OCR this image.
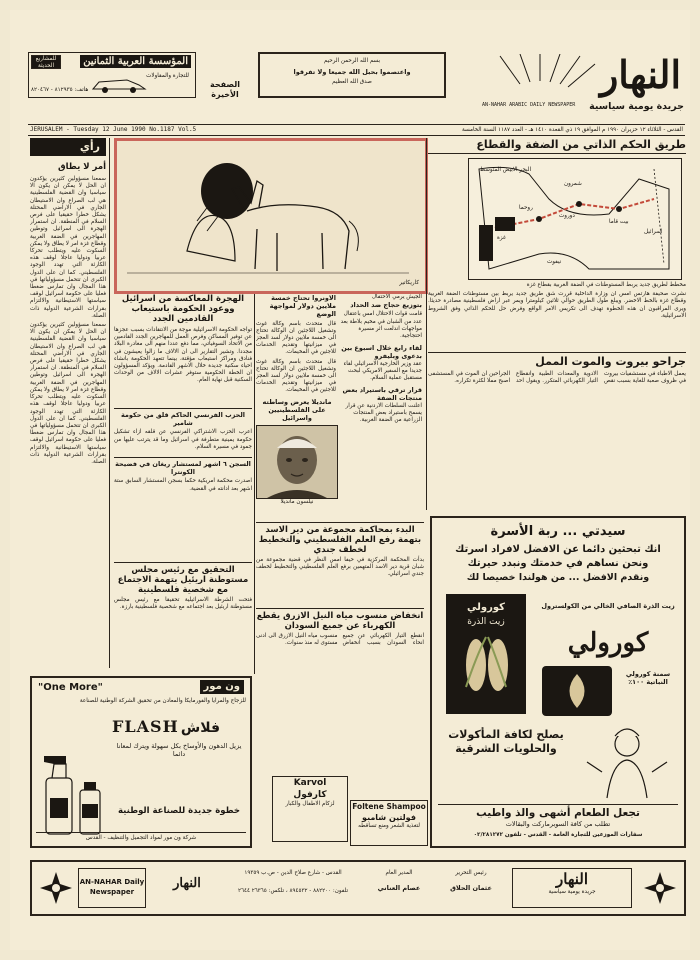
النهار
جريدة يومية سياسية
AN-NAHAR ARABIC DAILY NEWSPAPER
بسم الله الرحمن الرحيم
واعتصموا بحبل الله جميعا ولا تفرقوا
صدق الله العظيم
الصفحة الأخيرة
للمشاريع الحديثة	المؤسسة العربية الثمانين
للتجارة والمقاولات
هاتف: ٨١٢٩٣٥ - ٨٢٠٤٦٧
JERUSALEM - Tuesday 12 June 1990 No.1187 Vol.5	القدس - الثلاثاء ١٢ حزيران ١٩٩٠ م الموافق ١٩ ذي القعدة ١٤١٠ هـ - العدد ١١٨٧ السنة الخامسة
رأي
أمر لا يطاق
سمعنا مسؤولين كثيرين يؤكدون ان الحل لا يمكن ان يكون الا سياسيا وان القضية الفلسطينية هي لب الصراع وان الاستيطان الجاري في الاراضي المحتلة يشكل خطرا حقيقيا على فرص السلام في المنطقة. ان استمرار الهجرة الى اسرائيل وتوطين المهاجرين في الضفة الغربية وقطاع غزة امر لا يطاق ولا يمكن السكوت عليه ويتطلب تحركا عربيا ودوليا عاجلا لوقف هذه الكارثة التي تهدد الوجود الفلسطيني. كما ان على الدول الكبرى ان تتحمل مسؤولياتها في هذا المجال وان تمارس ضغطا فعليا على حكومة اسرائيل لوقف سياستها الاستيطانية والالتزام بقرارات الشرعية الدولية ذات الصلة.
سمعنا مسؤولين كثيرين يؤكدون ان الحل لا يمكن ان يكون الا سياسيا وان القضية الفلسطينية هي لب الصراع وان الاستيطان الجاري في الاراضي المحتلة يشكل خطرا حقيقيا على فرص السلام في المنطقة. ان استمرار الهجرة الى اسرائيل وتوطين المهاجرين في الضفة الغربية وقطاع غزة امر لا يطاق ولا يمكن السكوت عليه ويتطلب تحركا عربيا ودوليا عاجلا لوقف هذه الكارثة التي تهدد الوجود الفلسطيني. كما ان على الدول الكبرى ان تتحمل مسؤولياتها في هذا المجال وان تمارس ضغطا فعليا على حكومة اسرائيل لوقف سياستها الاستيطانية والالتزام بقرارات الشرعية الدولية ذات الصلة.
كاريكاتير
طريق الحكم الذاتي من الضفة والقطاع
شمرون
دوروت
روحما
بيت قاما
نيفوت
غزة
البحر الابيض المتوسط
اسرائيل
مخطط لطريق جديد يربط المستوطنات في الضفة الغربية بقطاع غزة
نشرت صحيفة هآرتس امس ان وزارة الداخلية قررت شق طريق جديد يربط بين مستوطنات الضفة الغربية وقطاع غزة بالخط الاخضر. ويبلغ طول الطريق حوالي ثلاثين كيلومترا ويمر عبر اراض فلسطينية مصادرة حديثا. ويرى المراقبون ان هذه الخطوة تهدف الى تكريس الامر الواقع وفرض حل للحكم الذاتي وفق الشروط الاسرائيلية.
الجيش يرمي الاحتفال
بتوزيع حجاج ضد الحداد
قامت قوات الاحتلال امس باعتقال عدد من الشبان في مخيم بلاطة بعد مواجهات اندلعت اثر مسيرة احتجاجية.
لقاء رابع خلال اسبوع بين بدعوى وبليفرو
عقد وزير الخارجية الاسرائيلي لقاء جديدا مع السفير الامريكي لبحث مستقبل عملية السلام.
قرار ترقي باستيراد بعض منتجات الضفة
اعلنت السلطات الاردنية عن قرار يسمح باستيراد بعض المنتجات الزراعية من الضفة الغربية.
الاونروا تحتاج خمسة ملايين دولار لمواجهة الوضع
قال متحدث باسم وكالة غوث وتشغيل اللاجئين ان الوكالة تحتاج الى خمسة ملايين دولار لسد العجز في ميزانيتها وتقديم الخدمات للاجئين في المخيمات.
قال متحدث باسم وكالة غوث وتشغيل اللاجئين ان الوكالة تحتاج الى خمسة ملايين دولار لسد العجز في ميزانيتها وتقديم الخدمات للاجئين في المخيمات.
الهجرة المعاكسة من اسرائيل ووعود الحكومة باستيعاب القادمين الجدد
تواجه الحكومة الاسرائيلية موجة من الانتقادات بسبب عجزها عن توفير المساكن وفرص العمل للمهاجرين الجدد القادمين من الاتحاد السوفياتي، مما دفع عددا منهم الى مغادرة البلاد مجددا. وتشير التقارير الى ان الالاف ما زالوا يعيشون في فنادق ومراكز استيعاب مؤقتة، بينما تتعهد الحكومة بانشاء احياء سكنية جديدة خلال الاشهر القادمة. ويؤكد المسؤولون ان الخطة الحكومية ستوفر عشرات الالاف من الوحدات السكنية قبل نهاية العام.
مانديلا يعرض وساطته على الفلسطينيين واسرائيل
نيلسون مانديلا
الحزب الفرنسي الحاكم قلق من حكومة شامير
اعرب الحزب الاشتراكي الفرنسي عن قلقه ازاء تشكيل حكومة يمينية متطرفة في اسرائيل وما قد يترتب عليها من جمود في مسيرة السلام.
السجن ٦ اشهر لمستشار ريغان في فضيحة الكونترا
اصدرت محكمة امريكية حكما بسجن المستشار السابق ستة اشهر بعد ادانته في القضية.
البدء بمحاكمة مجموعة من دير الاسد بتهمة رفع العلم الفلسطيني والتخطيط لخطف جندي
بدأت المحكمة المركزية في حيفا امس النظر في قضية مجموعة من شبان قرية دير الاسد المتهمين برفع العلم الفلسطيني والتخطيط لخطف جندي اسرائيلي.
جراحو بيروت والموت الممل
يعمل الاطباء في مستشفيات بيروت في ظروف صعبة للغاية بسبب نقص الادوية والمعدات الطبية وانقطاع التيار الكهربائي المتكرر. ويقول احد الجراحين ان الموت في المستشفى اصبح مملا لكثرة تكراره.
التحقيق مع رئيس مجلس مستوطنة اريئيل بتهمة الاجتماع مع شخصية فلسطينية
فتحت الشرطة الاسرائيلية تحقيقا مع رئيس مجلس مستوطنة اريئيل بعد اجتماعه مع شخصية فلسطينية بارزة.
انخفاض منسوب مياه النيل الازرق يقطع الكهرباء عن جميع السودان
انقطع التيار الكهربائي عن جميع انحاء السودان بسبب انخفاض منسوب مياه النيل الازرق الى ادنى مستوى له منذ سنوات.
"One More"	ون مور
للزجاج والمرايا والفورمايكا والمعادن من تحقيق الشركة الوطنية للصناعة
FLASH فلاش
يزيل الدهون والأوساخ بكل سهولة ويترك لمعانا دائما
خطوة جديدة للصناعة الوطنية
شركة ون مور لمواد التجميل والتنظيف - القدس
Karvol
كارفول
لزكام الاطفال والكبار	Foltene Shampoo
فولتين شامبو
لتغذية الشعر ومنع تساقطه
سيدتي ... ربة الأسرة
انك تبحثين دائما عن الافضل لافراد اسرتك
ونحن نساهم في خدمتك ونبدد حيرتك
ونقدم الافضل ... من هولندا خصيصا لك
كورولي
زيت الذرة
زيت الذرة الصافي الخالي من الكولسترول
كورولي
سمنة كورولي النباتية ١٠٠٪
يصلح لكافة المأكولات والحلويات الشرقية
تجعل الطعام أشهى والذ واطيب
تطلب من كافة السوبرماركت والبقالات
سفارات الموزعين للتجارة العامة - القدس - تلفون ٠٢/٢٨١٢٧٢
AN-NAHAR Daily Newspaper
النهار
القدس - شارع صلاح الدين - ص.ب ١٩٣٥٩
تلفون: ٨٨٢٢٠٠ - ٨٩٤٥٣٢ ، تلكس: ٢٦٣٦٥ ٢٦٤٤
المدير العام
عصام العناني
رئيس التحرير
عثمان الحلاق	النهار
جريدة يومية سياسية
